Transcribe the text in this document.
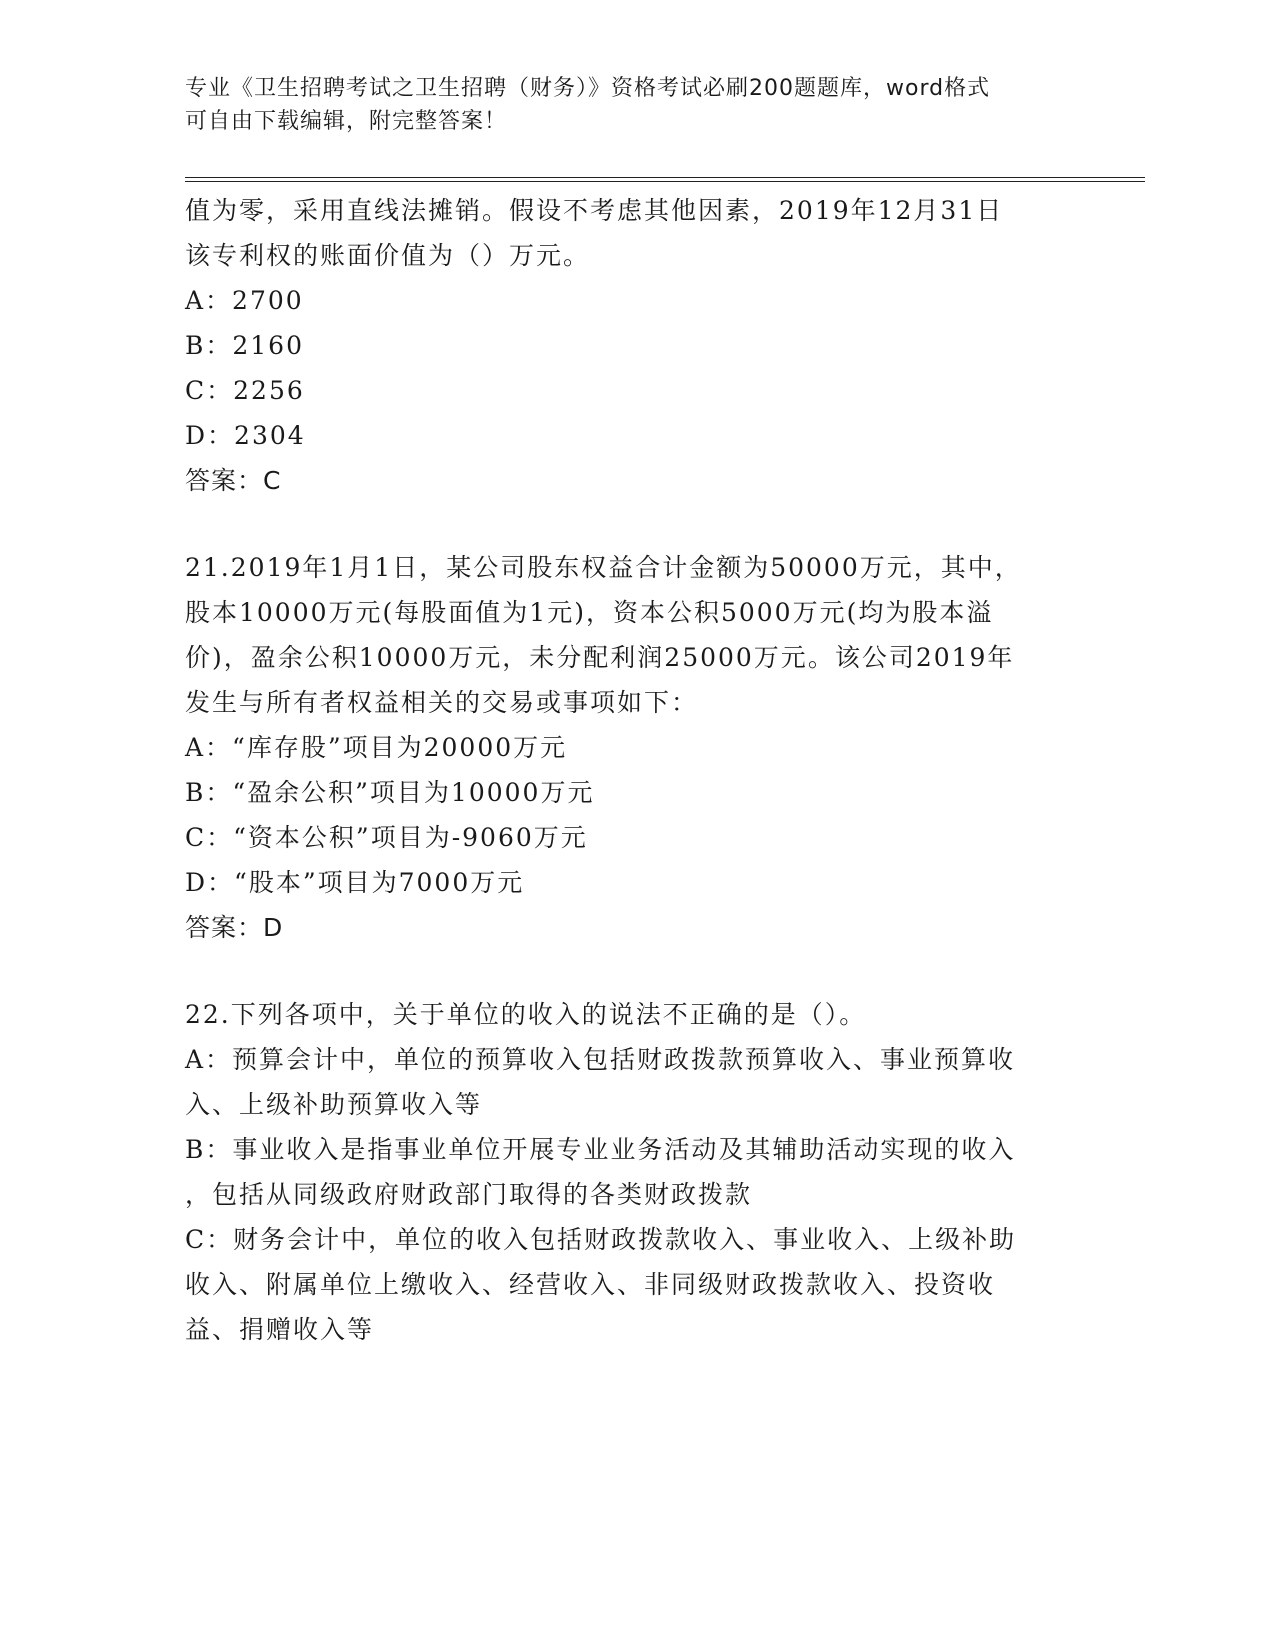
专业《卫生招聘考试之卫生招聘（财务）》资格考试必刷200题题库，word格式
可自由下载编辑，附完整答案！
值为零，采用直线法摊销。假设不考虑其他因素，2019年12月31日
该专利权的账面价值为（）万元。
A：2700
B：2160
C：2256
D：2304
答案：C
21.2019年1月1日，某公司股东权益合计金额为50000万元，其中，
股本10000万元(每股面值为1元)，资本公积5000万元(均为股本溢
价)，盈余公积10000万元，未分配利润25000万元。该公司2019年
发生与所有者权益相关的交易或事项如下：
A：“库存股”项目为20000万元
B：“盈余公积”项目为10000万元
C：“资本公积”项目为-9060万元
D：“股本”项目为7000万元
答案：D
22.下列各项中，关于单位的收入的说法不正确的是（）。
A：预算会计中，单位的预算收入包括财政拨款预算收入、事业预算收
入、上级补助预算收入等
B：事业收入是指事业单位开展专业业务活动及其辅助活动实现的收入
，包括从同级政府财政部门取得的各类财政拨款
C：财务会计中，单位的收入包括财政拨款收入、事业收入、上级补助
收入、附属单位上缴收入、经营收入、非同级财政拨款收入、投资收
益、捐赠收入等
